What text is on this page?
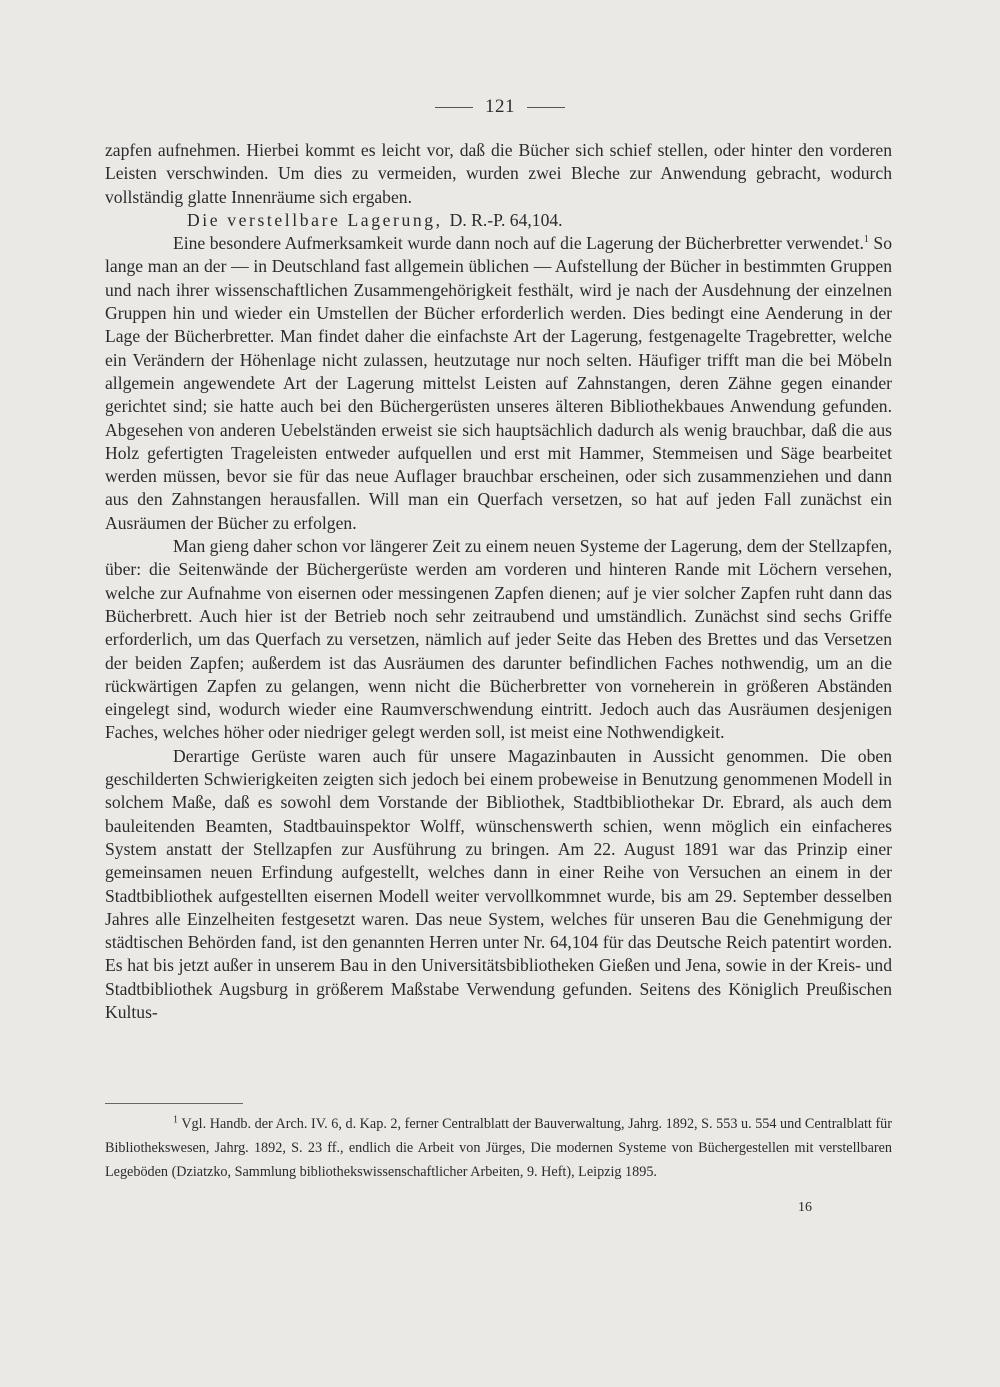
121

zapfen aufnehmen. Hierbei kommt es leicht vor, daß die Bücher sich schief stellen, oder hinter den vorderen Leisten verschwinden. Um dies zu vermeiden, wurden zwei Bleche zur Anwendung gebracht, wodurch vollständig glatte Innenräume sich ergaben.

Die verstellbare Lagerung, D. R.-P. 64,104.

Eine besondere Aufmerksamkeit wurde dann noch auf die Lagerung der Bücherbretter verwendet.$^1$ So lange man an der — in Deutschland fast allgemein üblichen — Aufstellung der Bücher in bestimmten Gruppen und nach ihrer wissenschaftlichen Zusammengehörigkeit festhält, wird je nach der Ausdehnung der einzelnen Gruppen hin und wieder ein Umstellen der Bücher erforderlich werden. Dies bedingt eine Aenderung in der Lage der Bücherbretter. Man findet daher die einfachste Art der Lagerung, festgenagelte Tragebretter, welche ein Verändern der Höhenlage nicht zulassen, heutzutage nur noch selten. Häufiger trifft man die bei Möbeln allgemein angewendete Art der Lagerung mittelst Leisten auf Zahnstangen, deren Zähne gegen einander gerichtet sind; sie hatte auch bei den Büchergerüsten unseres älteren Bibliothekbaues Anwendung gefunden. Abgesehen von anderen Uebelständen erweist sie sich hauptsächlich dadurch als wenig brauchbar, daß die aus Holz gefertigten Trageleisten entweder aufquellen und erst mit Hammer, Stemmeisen und Säge bearbeitet werden müssen, bevor sie für das neue Auflager brauchbar erscheinen, oder sich zusammenziehen und dann aus den Zahnstangen herausfallen. Will man ein Querfach versetzen, so hat auf jeden Fall zunächst ein Ausräumen der Bücher zu erfolgen.

Man gieng daher schon vor längerer Zeit zu einem neuen Systeme der Lagerung, dem der Stellzapfen, über: die Seitenwände der Büchergerüste werden am vorderen und hinteren Rande mit Löchern versehen, welche zur Aufnahme von eisernen oder messingenen Zapfen dienen; auf je vier solcher Zapfen ruht dann das Bücherbrett. Auch hier ist der Betrieb noch sehr zeitraubend und umständlich. Zunächst sind sechs Griffe erforderlich, um das Querfach zu versetzen, nämlich auf jeder Seite das Heben des Brettes und das Versetzen der beiden Zapfen; außerdem ist das Ausräumen des darunter befindlichen Faches nothwendig, um an die rückwärtigen Zapfen zu gelangen, wenn nicht die Bücherbretter von vorneherein in größeren Abständen eingelegt sind, wodurch wieder eine Raumverschwendung eintritt. Jedoch auch das Ausräumen desjenigen Faches, welches höher oder niedriger gelegt werden soll, ist meist eine Nothwendigkeit.

Derartige Gerüste waren auch für unsere Magazinbauten in Aussicht genommen. Die oben geschilderten Schwierigkeiten zeigten sich jedoch bei einem probeweise in Benutzung genommenen Modell in solchem Maße, daß es sowohl dem Vorstande der Bibliothek, Stadtbibliothekar Dr. Ebrard, als auch dem bauleitenden Beamten, Stadtbauinspektor Wolff, wünschenswerth schien, wenn möglich ein einfacheres System anstatt der Stellzapfen zur Ausführung zu bringen. Am 22. August 1891 war das Prinzip einer gemeinsamen neuen Erfindung aufgestellt, welches dann in einer Reihe von Versuchen an einem in der Stadtbibliothek aufgestellten eisernen Modell weiter vervollkommnet wurde, bis am 29. September desselben Jahres alle Einzelheiten festgesetzt waren. Das neue System, welches für unseren Bau die Genehmigung der städtischen Behörden fand, ist den genannten Herren unter Nr. 64,104 für das Deutsche Reich patentirt worden. Es hat bis jetzt außer in unserem Bau in den Universitätsbibliotheken Gießen und Jena, sowie in der Kreis- und Stadtbibliothek Augsburg in größerem Maßstabe Verwendung gefunden. Seitens des Königlich Preußischen Kultus-

$^1$ Vgl. Handb. der Arch. IV. 6, d. Kap. 2, ferner Centralblatt der Bauverwaltung, Jahrg. 1892, S. 553 u. 554 und Centralblatt für Bibliothekswesen, Jahrg. 1892, S. 23 ff., endlich die Arbeit von Jürges, Die modernen Systeme von Büchergestellen mit verstellbaren Legeböden (Dziatzko, Sammlung bibliothekswissenschaftlicher Arbeiten, 9. Heft), Leipzig 1895.

16
